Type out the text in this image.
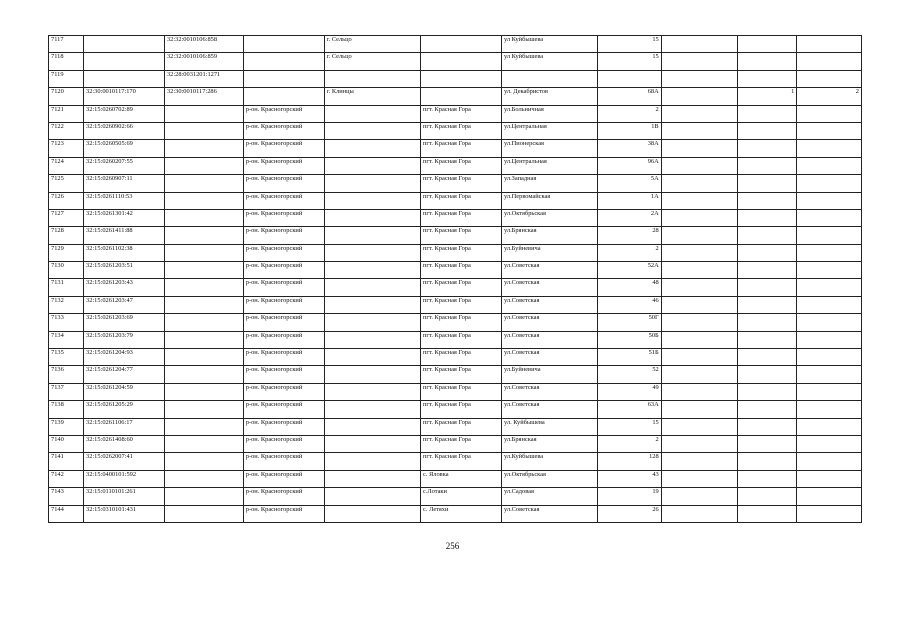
7117		32:32:0010106:858		г. Сельцо		ул Куйбышева	15			
7118		32:32:0010106:859		г. Сельцо		ул Куйбышева	15			
7119		32:28:0031201:1271								
7120	32:30:0010117:170	32:30:0010117:286		г. Клинцы		ул. Декабристов	68А		1	2
7121	32:15:0260702:89		р-он. Красногорский		пгт. Красная Гора	ул.Больничная	2			
7122	32:15:0260902:66		р-он. Красногорский		пгт. Красная Гора	ул.Центральная	1В			
7123	32:15:0260505:69		р-он. Красногорский		пгт. Красная Гора	ул.Пионерская	38А			
7124	32:15:0260207:55		р-он. Красногорский		пгт. Красная Гора	ул.Центральная	96А			
7125	32:15:0260907:11		р-он. Красногорский		пгт. Красная Гора	ул.Западная	5А			
7126	32:15:0261110:53		р-он. Красногорский		пгт. Красная Гора	ул.Первомайская	1А			
7127	32:15:0261301:42		р-он. Красногорский		пгт. Красная Гора	ул.Октябрьская	2А			
7128	32:15:0261411:88		р-он. Красногорский		пгт. Красная Гора	ул.Брянская	28			
7129	32:15:0261102:38		р-он. Красногорский		пгт. Красная Гора	ул.Буйневича	2			
7130	32:15:0261203:51		р-он. Красногорский		пгт. Красная Гора	ул.Советская	52А			
7131	32:15:0261203:43		р-он. Красногорский		пгт. Красная Гора	ул.Советская	48			
7132	32:15:0261203:47		р-он. Красногорский		пгт. Красная Гора	ул.Советская	46			
7133	32:15:0261203:69		р-он. Красногорский		пгт. Красная Гора	ул.Советская	50Г			
7134	32:15:0261203:79		р-он. Красногорский		пгт. Красная Гора	ул.Советская	50Б			
7135	32:15:0261204:93		р-он. Красногорский		пгт. Красная Гора	ул.Советская	51Б			
7136	32:15:0261204:77		р-он. Красногорский		пгт. Красная Гора	ул.Буйневича	52			
7137	32:15:0261204:59		р-он. Красногорский		пгт. Красная Гора	ул.Советская	49			
7138	32:15:0261205:29		р-он. Красногорский		пгт. Красная Гора	ул.Советская	63А			
7139	32:15:0261106:17		р-он. Красногорский		пгт. Красная Гора	ул. Куйбышева	15			
7140	32:15:0261408:60		р-он. Красногорский		пгт. Красная Гора	ул.Брянская	2			
7141	32:15:0262007:41		р-он. Красногорский		пгт. Красная Гора	ул.Куйбышева	128			
7142	32:15:0400101:592		р-он. Красногорский		с. Яловка	ул.Октябрьская	43			
7143	32:15:0110101:261		р-он. Красногорский		с.Лотаки	ул.Садовая	19			
7144	32:15:0310101:431		р-он. Красногорский		с. Летяхи	ул.Советская	26			
256
